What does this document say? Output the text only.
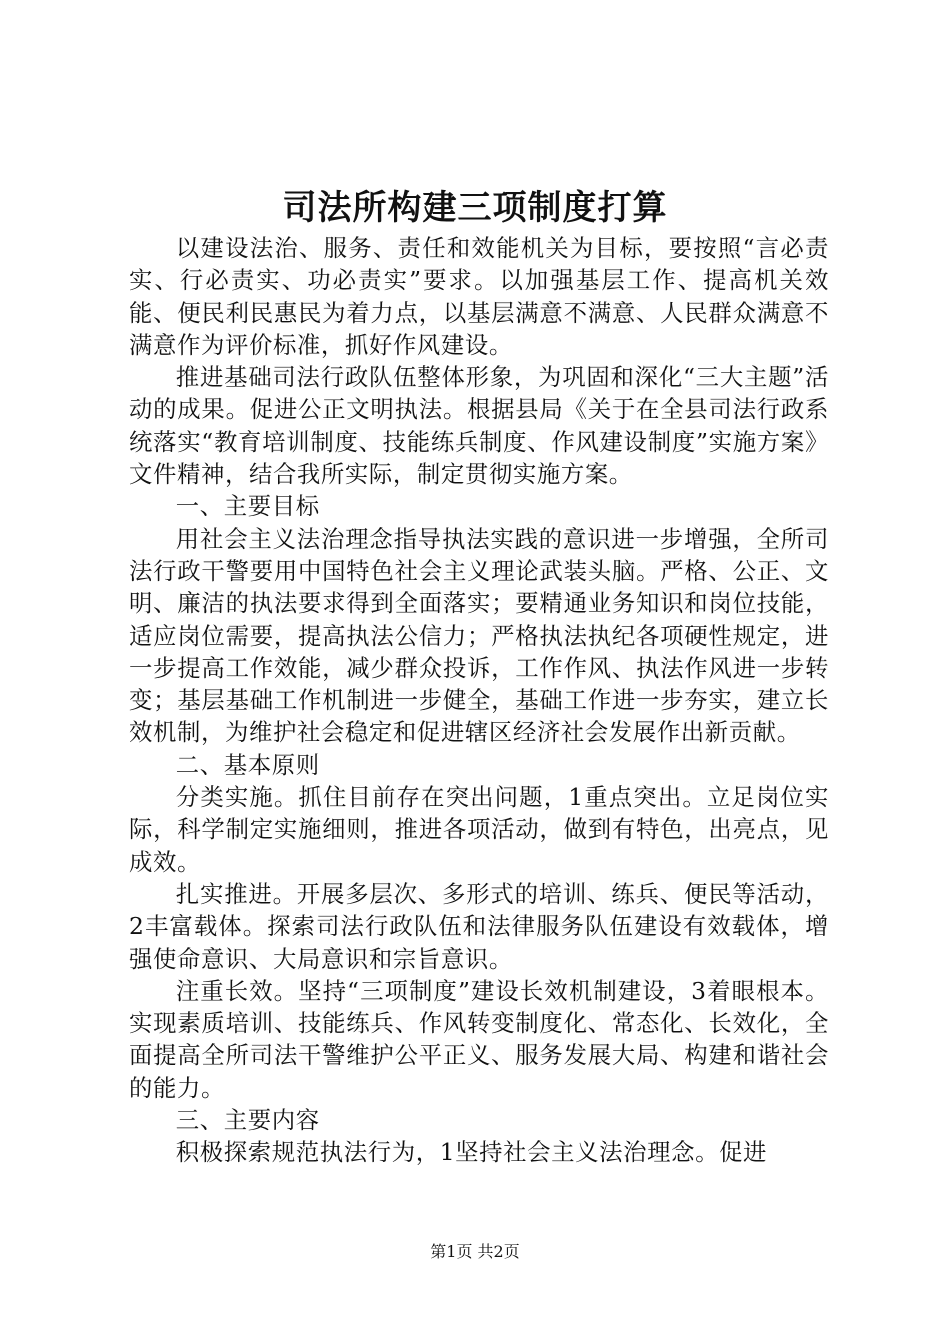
司法所构建三项制度打算

以建设法治、服务、责任和效能机关为目标，要按照“言必责实、行必责实、功必责实”要求。以加强基层工作、提高机关效能、便民利民惠民为着力点，以基层满意不满意、人民群众满意不满意作为评价标准，抓好作风建设。

推进基础司法行政队伍整体形象，为巩固和深化“三大主题”活动的成果。促进公正文明执法。根据县局《关于在全县司法行政系统落实“教育培训制度、技能练兵制度、作风建设制度”实施方案》文件精神，结合我所实际，制定贯彻实施方案。

一、主要目标

用社会主义法治理念指导执法实践的意识进一步增强，全所司法行政干警要用中国特色社会主义理论武装头脑。严格、公正、文明、廉洁的执法要求得到全面落实；要精通业务知识和岗位技能，适应岗位需要，提高执法公信力；严格执法执纪各项硬性规定，进一步提高工作效能，减少群众投诉，工作作风、执法作风进一步转变；基层基础工作机制进一步健全，基础工作进一步夯实，建立长效机制，为维护社会稳定和促进辖区经济社会发展作出新贡献。

二、基本原则

分类实施。抓住目前存在突出问题，1重点突出。立足岗位实际，科学制定实施细则，推进各项活动，做到有特色，出亮点，见成效。

扎实推进。开展多层次、多形式的培训、练兵、便民等活动，2丰富载体。探索司法行政队伍和法律服务队伍建设有效载体，增强使命意识、大局意识和宗旨意识。

注重长效。坚持“三项制度”建设长效机制建设，3着眼根本。实现素质培训、技能练兵、作风转变制度化、常态化、长效化，全面提高全所司法干警维护公平正义、服务发展大局、构建和谐社会的能力。

三、主要内容

积极探索规范执法行为，1坚持社会主义法治理念。促进

第1页 共2页
